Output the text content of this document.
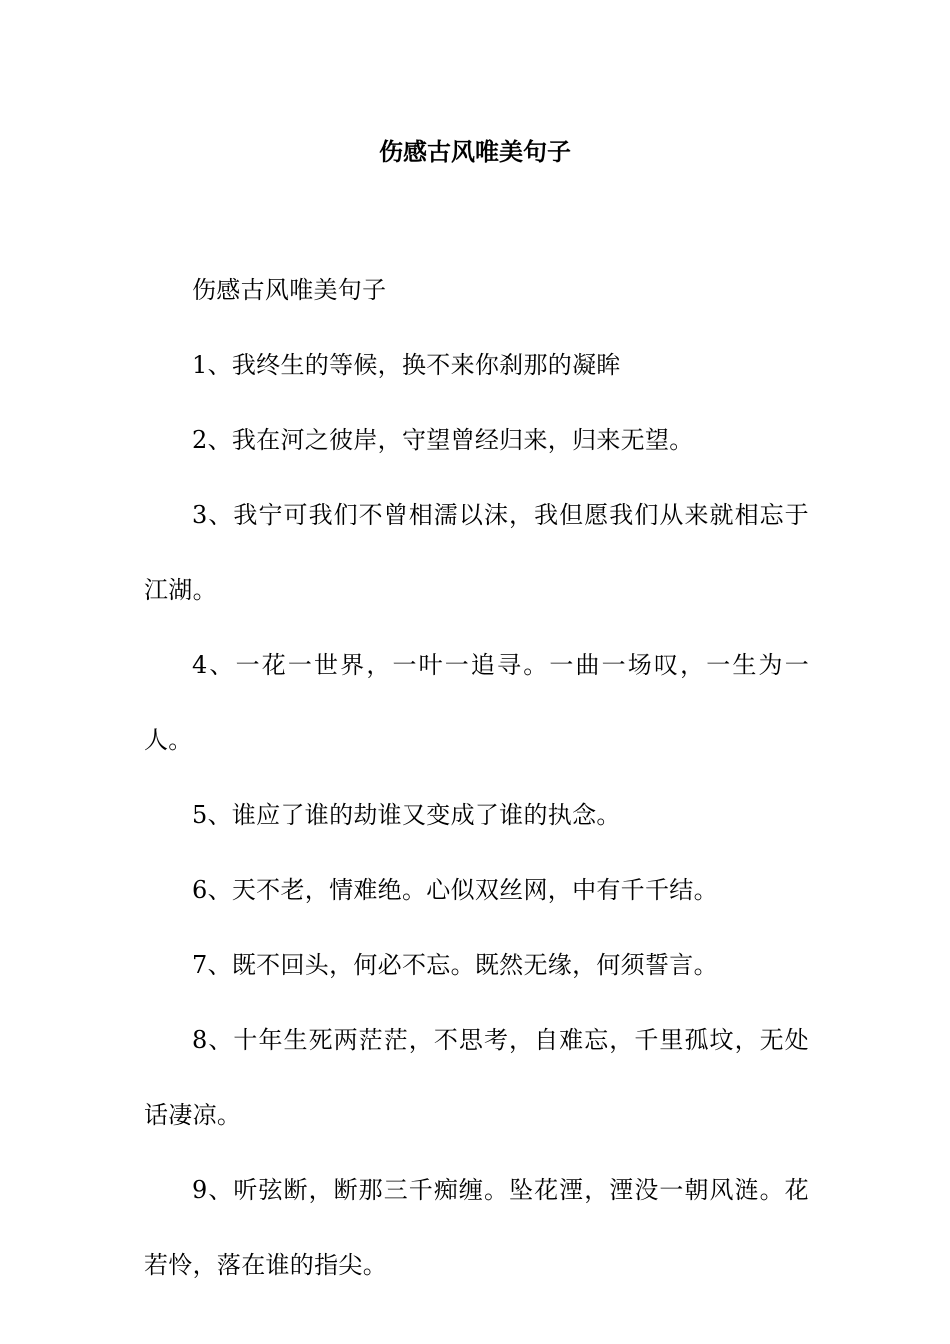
伤感古风唯美句子

伤感古风唯美句子

1、我终生的等候，换不来你刹那的凝眸

2、我在河之彼岸，守望曾经归来，归来无望。

3、我宁可我们不曾相濡以沫，我但愿我们从来就相忘于江湖。

4、一花一世界，一叶一追寻。一曲一场叹，一生为一人。

5、谁应了谁的劫谁又变成了谁的执念。

6、天不老，情难绝。心似双丝网，中有千千结。

7、既不回头，何必不忘。既然无缘，何须誓言。

8、十年生死两茫茫，不思考，自难忘，千里孤坟，无处话凄凉。

9、听弦断，断那三千痴缠。坠花湮，湮没一朝风涟。花若怜，落在谁的指尖。
